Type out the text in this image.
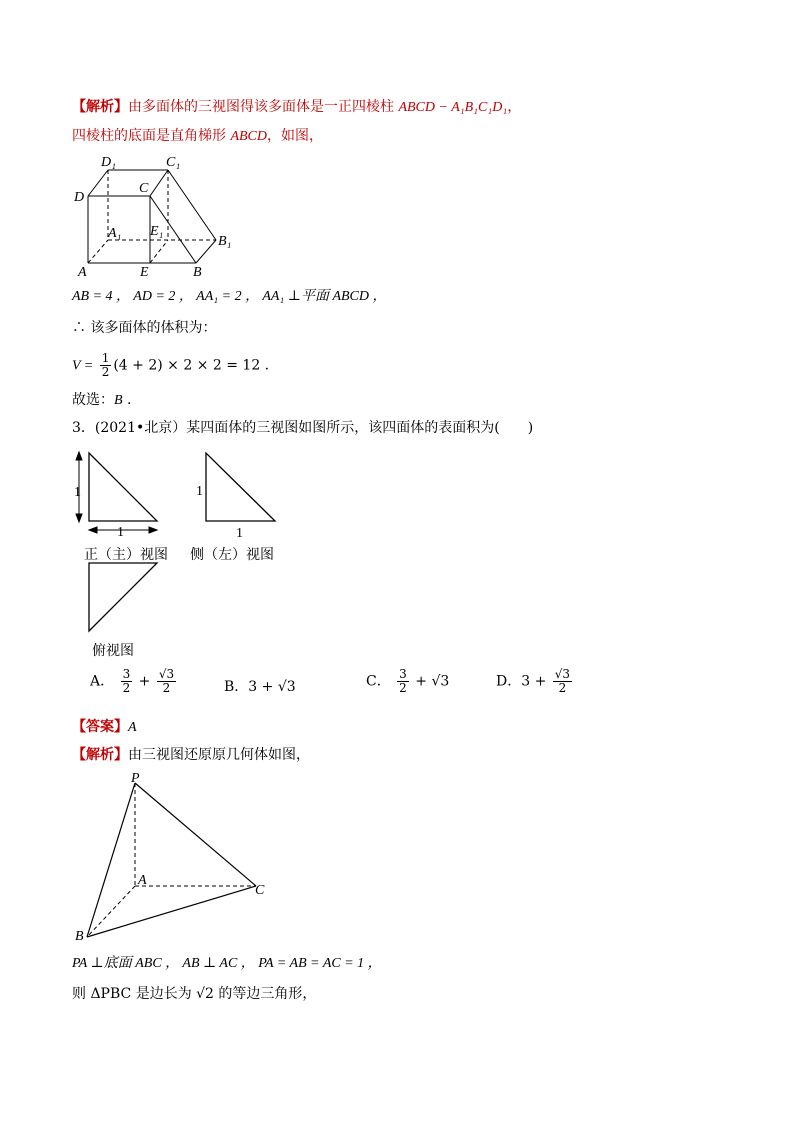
【解析】由多面体的三视图得该多面体是一正四棱柱 ABCD − A₁B₁C₁D₁，
四棱柱的底面是直角梯形 ABCD，如图，
D₁	C₁
D
C
A₁ E₁
B₁
A	E	B
AB = 4 ， AD = 2 ， AA₁ = 2 ， AA₁ ⊥平面 ABCD ，
∴ 该多面体的体积为：
$V = \frac{1}{2} (4 + 2) \times 2 \times 2 = 12$ .
故选：B .
3．(2021•北京）某四面体的三视图如图所示，该四面体的表面积为(　　)
1
1
1
1
正（主）视图 侧（左）视图
俯视图
A． $\frac{3}{2} + \frac{√3}{2}$	B．3 + √3	C． $\frac{3}{2} + √3$	D．$3 + \frac{√3}{2}$
【答案】A
【解析】由三视图还原原几何体如图，
P
A
B
C
PA ⊥底面 ABC ， AB ⊥ AC ， PA = AB = AC = 1 ，
则 ΔPBC 是边长为 √2 的等边三角形，
